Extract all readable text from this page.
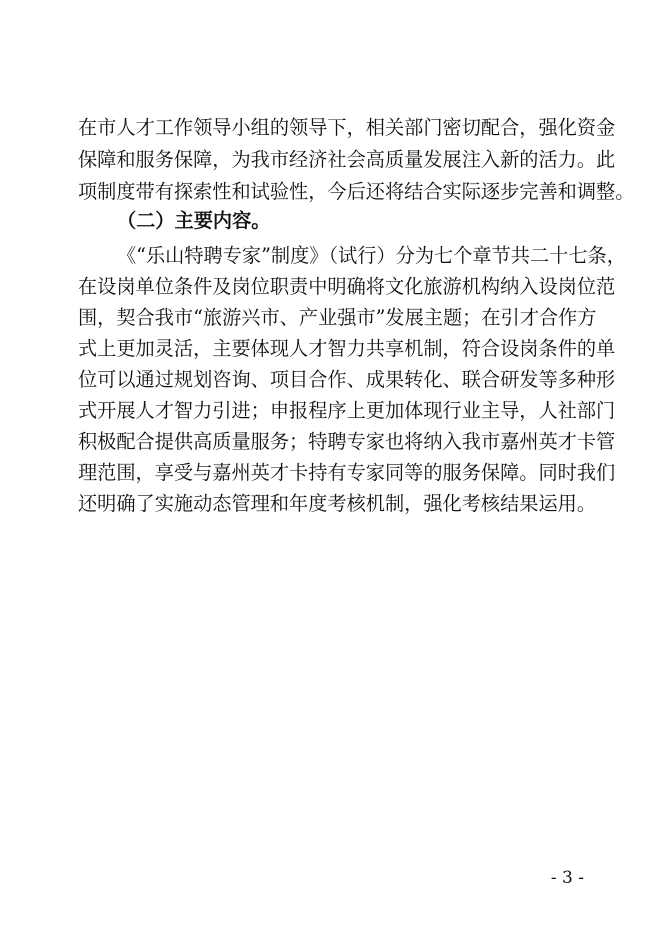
在市人才工作领导小组的领导下，相关部门密切配合，强化资金
保障和服务保障，为我市经济社会高质量发展注入新的活力。此
项制度带有探索性和试验性，今后还将结合实际逐步完善和调整。
（二）主要内容。
《“乐山特聘专家”制度》（试行）分为七个章节共二十七条，
在设岗单位条件及岗位职责中明确将文化旅游机构纳入设岗位范
围，契合我市“旅游兴市、产业强市”发展主题；在引才合作方
式上更加灵活，主要体现人才智力共享机制，符合设岗条件的单
位可以通过规划咨询、项目合作、成果转化、联合研发等多种形
式开展人才智力引进；申报程序上更加体现行业主导，人社部门
积极配合提供高质量服务；特聘专家也将纳入我市嘉州英才卡管
理范围，享受与嘉州英才卡持有专家同等的服务保障。同时我们
还明确了实施动态管理和年度考核机制，强化考核结果运用。
- 3 -
